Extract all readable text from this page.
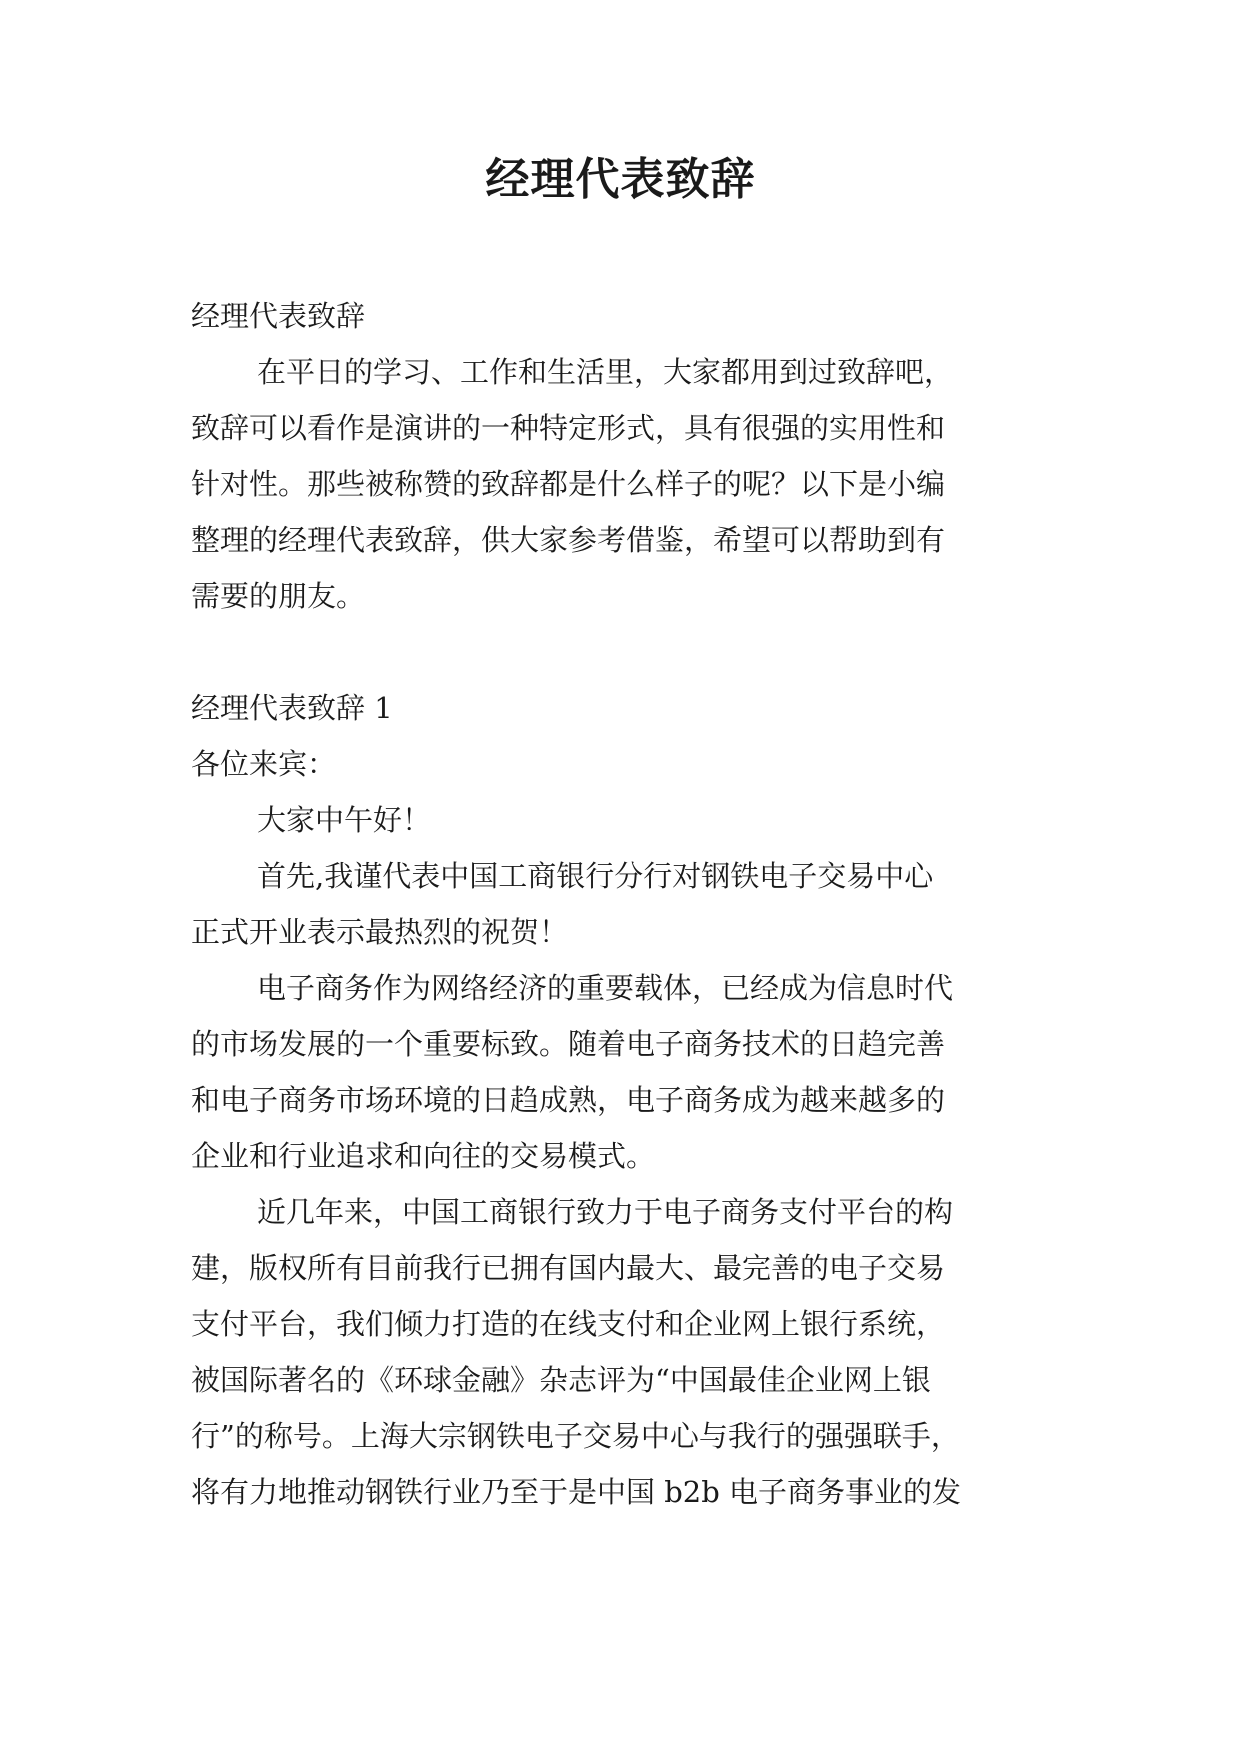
经理代表致辞

经理代表致辞

在平日的学习、工作和生活里，大家都用到过致辞吧，

致辞可以看作是演讲的一种特定形式，具有很强的实用性和

针对性。那些被称赞的致辞都是什么样子的呢？以下是小编

整理的经理代表致辞，供大家参考借鉴，希望可以帮助到有

需要的朋友。

经理代表致辞 1

各位来宾：

大家中午好！

首先,我谨代表中国工商银行分行对钢铁电子交易中心

正式开业表示最热烈的祝贺！

电子商务作为网络经济的重要载体，已经成为信息时代

的市场发展的一个重要标致。随着电子商务技术的日趋完善

和电子商务市场环境的日趋成熟，电子商务成为越来越多的

企业和行业追求和向往的交易模式。

近几年来，中国工商银行致力于电子商务支付平台的构

建，版权所有目前我行已拥有国内最大、最完善的电子交易

支付平台，我们倾力打造的在线支付和企业网上银行系统，

被国际著名的《环球金融》杂志评为“中国最佳企业网上银

行”的称号。上海大宗钢铁电子交易中心与我行的强强联手，

将有力地推动钢铁行业乃至于是中国 b2b 电子商务事业的发
